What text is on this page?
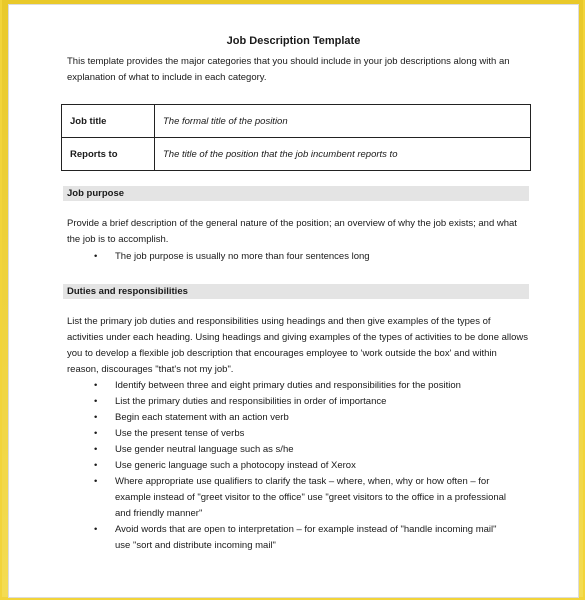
Job Description Template
This template provides the major categories that you should include in your job descriptions along with an explanation of what to include in each category.
Job title	The formal title of the position
Reports to	The title of the position that the job incumbent reports to
Job purpose
Provide a brief description of the general nature of the position; an overview of why the job exists; and what the job is to accomplish.
• The job purpose is usually no more than four sentences long
Duties and responsibilities
List the primary job duties and responsibilities using headings and then give examples of the types of activities under each heading. Using headings and giving examples of the types of activities to be done allows you to develop a flexible job description that encourages employee to 'work outside the box' and within reason, discourages "that's not my job".
• Identify between three and eight primary duties and responsibilities for the position
• List the primary duties and responsibilities in order of importance
• Begin each statement with an action verb
• Use the present tense of verbs
• Use gender neutral language such as s/he
• Use generic language such a photocopy instead of Xerox
• Where appropriate use qualifiers to clarify the task – where, when, why or how often – for example instead of "greet visitor to the office" use "greet visitors to the office in a professional and friendly manner"
• Avoid words that are open to interpretation – for example instead of "handle incoming mail" use "sort and distribute incoming mail"
